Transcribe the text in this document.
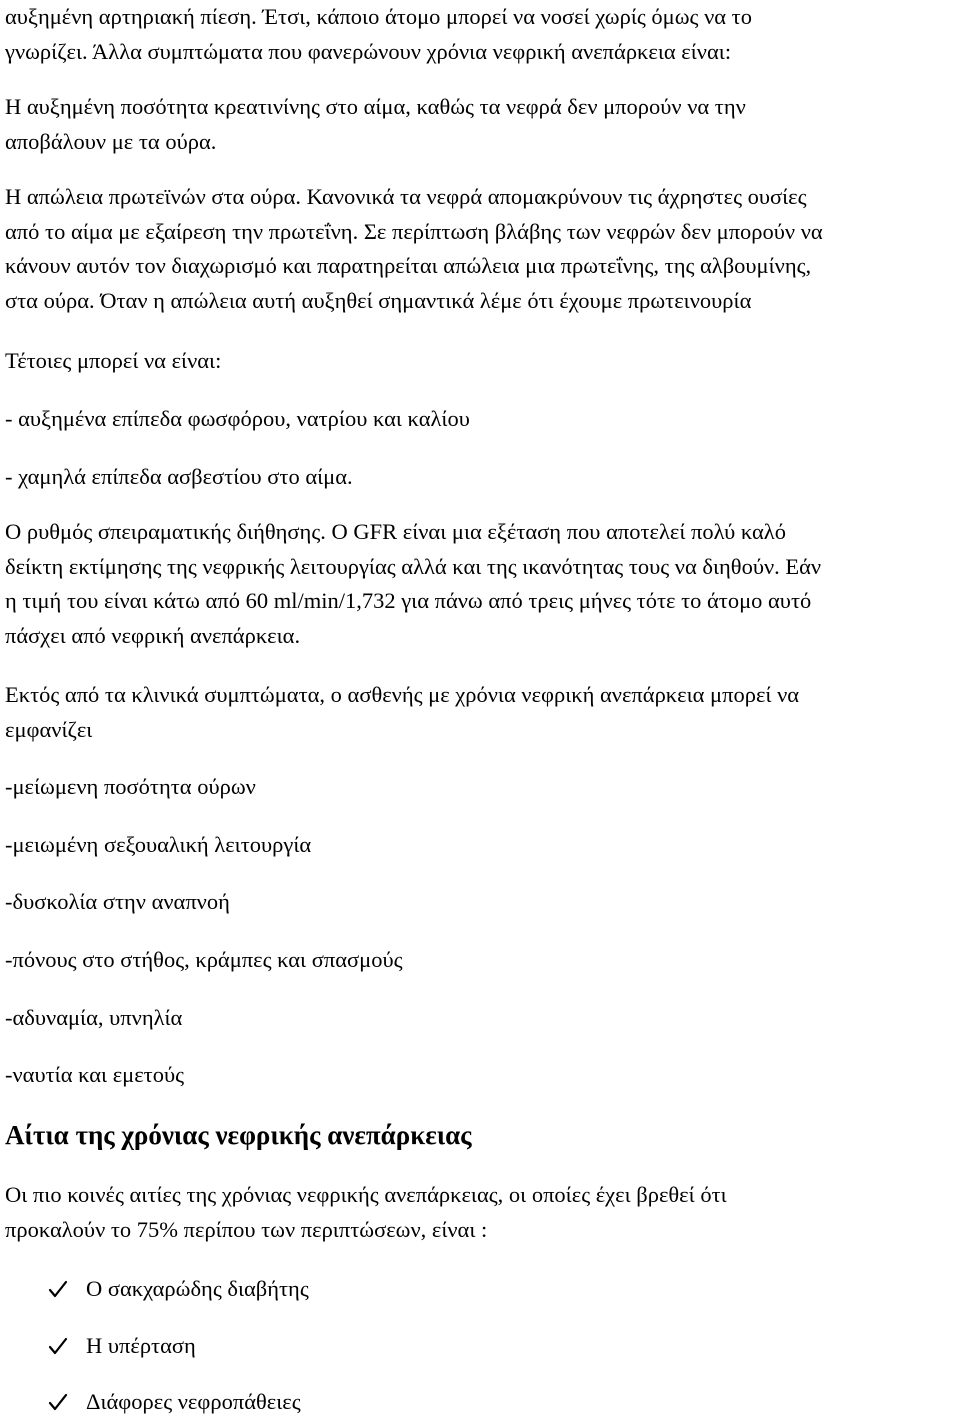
αυξημένη αρτηριακή πίεση. Έτσι, κάποιο άτομο μπορεί να νοσεί χωρίς όμως να το
γνωρίζει. Άλλα συμπτώματα που φανερώνουν χρόνια νεφρική ανεπάρκεια είναι:

Η αυξημένη ποσότητα κρεατινίνης στο αίμα, καθώς τα νεφρά δεν μπορούν να την
αποβάλουν με τα ούρα.

Η απώλεια πρωτεϊνών στα ούρα. Κανονικά τα νεφρά απομακρύνουν τις άχρηστες ουσίες
από το αίμα με εξαίρεση την πρωτεΐνη. Σε περίπτωση βλάβης των νεφρών δεν μπορούν να
κάνουν αυτόν τον διαχωρισμό και παρατηρείται απώλεια μια πρωτεΐνης, της αλβουμίνης,
στα ούρα. Όταν η απώλεια αυτή αυξηθεί σημαντικά λέμε ότι έχουμε πρωτεινουρία

Τέτοιες μπορεί να είναι:

- αυξημένα επίπεδα φωσφόρου, νατρίου και καλίου

- χαμηλά επίπεδα ασβεστίου στο αίμα.

Ο ρυθμός σπειραματικής διήθησης. Ο GFR είναι μια εξέταση που αποτελεί πολύ καλό
δείκτη εκτίμησης της νεφρικής λειτουργίας αλλά και της ικανότητας τους να διηθούν. Εάν
η τιμή του είναι κάτω από 60 ml/min/1,732 για πάνω από τρεις μήνες τότε το άτομο αυτό
πάσχει από νεφρική ανεπάρκεια.

Εκτός από τα κλινικά συμπτώματα, ο ασθενής με χρόνια νεφρική ανεπάρκεια μπορεί να
εμφανίζει

-μείωμενη ποσότητα ούρων

-μειωμένη σεξουαλική λειτουργία

-δυσκολία στην αναπνοή

-πόνους στο στήθος, κράμπες και σπασμούς

-αδυναμία, υπνηλία

-ναυτία και εμετούς

Αίτια της χρόνιας νεφρικής ανεπάρκειας

Οι πιο κοινές αιτίες της χρόνιας νεφρικής ανεπάρκειας, οι οποίες έχει βρεθεί ότι
προκαλούν το 75% περίπου των περιπτώσεων, είναι :

Ο σακχαρώδης διαβήτης
Η υπέρταση
Διάφορες νεφροπάθειες
